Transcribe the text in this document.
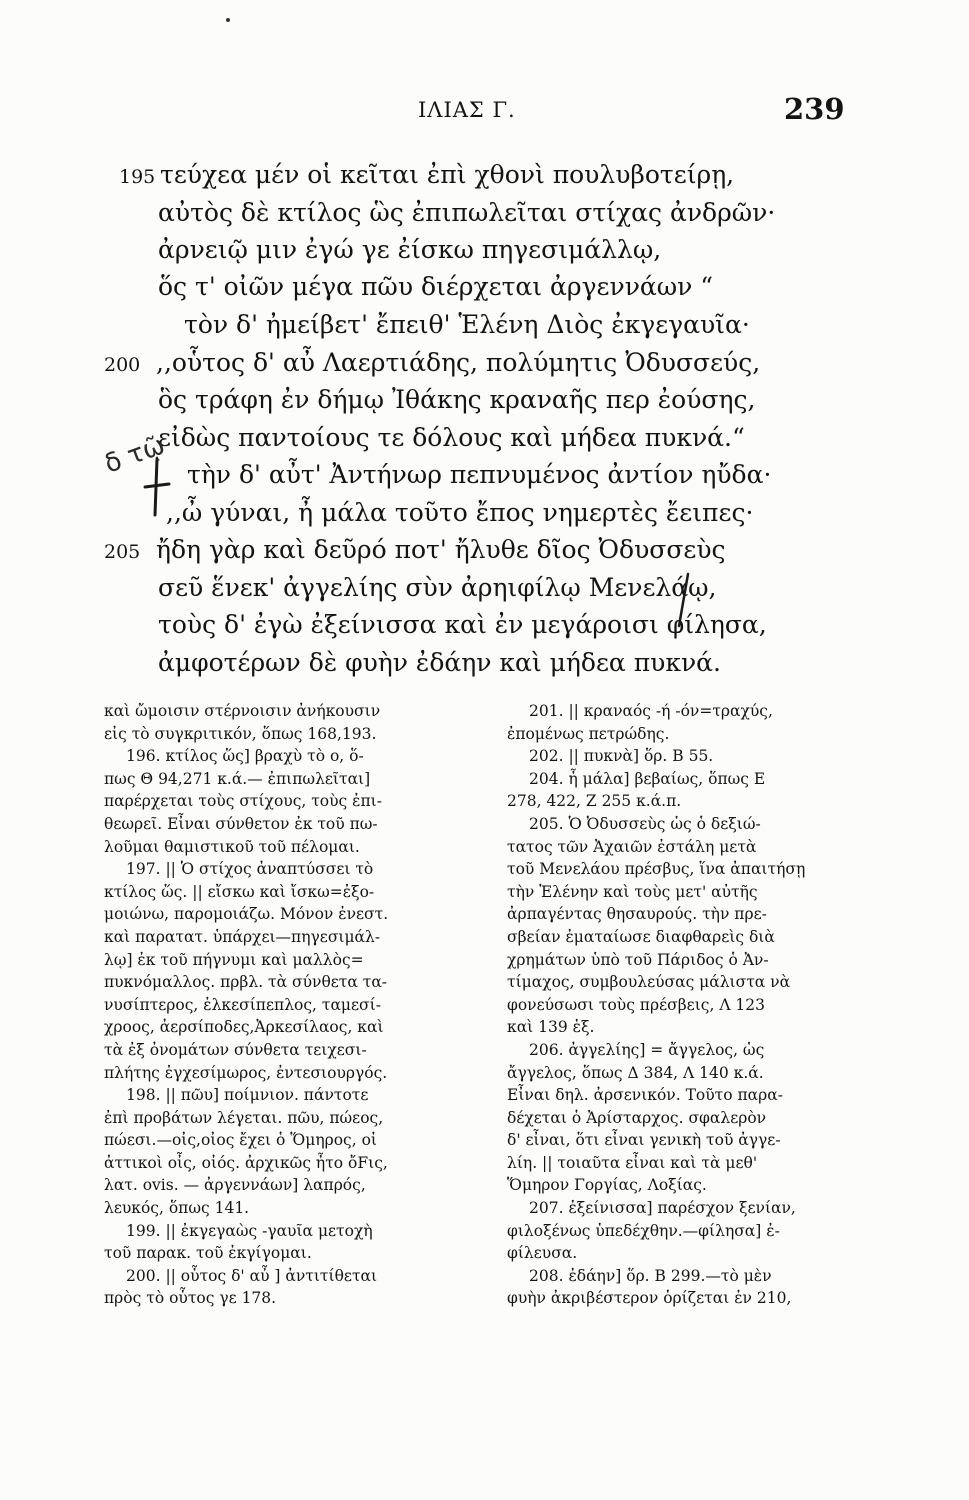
ΙΛΙΑΣ Γ.	239
195 τεύχεα μέν οἱ κεῖται ἐπὶ χθονὶ πουλυβοτείρῃ,
αὐτὸς δὲ κτίλος ὣς ἐπιπωλεῖται στίχας ἀνδρῶν·
ἀρνειῷ μιν ἐγώ γε ἐίσκω πηγεσιμάλλῳ,
ὅς τ' οἰῶν μέγα πῶυ διέρχεται ἀργεννάων “
τὸν δ' ἠμείβετ' ἔπειθ' Ἑλένη Διὸς ἐκγεγαυῖα·
200 ,,οὗτος δ' αὖ Λαερτιάδης, πολύμητις Ὀδυσσεύς,
ὃς τράφη ἐν δήμῳ Ἰθάκης κραναῆς περ ἐούσης,
εἰδὼς παντοίους τε δόλους καὶ μήδεα πυκνά.“
τὴν δ' αὖτ' Ἀντήνωρ πεπνυμένος ἀντίον ηὔδα·
,,ὦ γύναι, ἦ μάλα τοῦτο ἔπος νημερτὲς ἔειπες·
205 ἤδη γὰρ καὶ δεῦρό ποτ' ἤλυθε δῖος Ὀδυσσεὺς
σεῦ ἕνεκ' ἀγγελίης σὺν ἀρηιφίλῳ Μενελάῳ,
τοὺς δ' ἐγὼ ἐξείνισσα καὶ ἐν μεγάροισι φίλησα,
ἀμφοτέρων δὲ φυὴν ἐδάην καὶ μήδεα πυκνά.
δ τῷ
καὶ ὤμοισιν στέρνοισιν ἀνήκουσιν
εἰς τὸ συγκριτικόν, ὅπως 168,193.
196. κτίλος ὥς] βραχὺ τὸ ο, ὅ-
πως Θ 94,271 κ.ά.— ἐπιπωλεῖται]
παρέρχεται τοὺς στίχους, τοὺς ἐπι-
θεωρεῖ. Εἶναι σύνθετον ἐκ τοῦ πω-
λοῦμαι θαμιστικοῦ τοῦ πέλομαι.
197. || Ὁ στίχος ἀναπτύσσει τὸ
κτίλος ὥς. || εἴσκω καὶ ἴσκω=ἐξο-
μοιώνω, παρομοιάζω. Μόνον ἐνεστ.
καὶ παρατατ. ὑπάρχει—πηγεσιμάλ-
λῳ] ἐκ τοῦ πήγνυμι καὶ μαλλὸς=
πυκνόμαλλος. πρβλ. τὰ σύνθετα τα-
νυσίπτερος, ἑλκεσίπεπλος, ταμεσί-
χροος, ἀερσίποδες,Ἀρκεσίλαος, καὶ
τὰ ἐξ ὀνομάτων σύνθετα τειχεσι-
πλήτης ἐγχεσίμωρος, ἐντεσιουργός.
198. || πῶυ] ποίμνιον. πάντοτε
ἐπὶ προβάτων λέγεται. πῶυ, πώεος,
πώεσι.—οἰς,οἰος ἔχει ὁ Ὅμηρος, οἱ
ἀττικοὶ οἶς, οἰός. ἀρχικῶς ἦτο ὄFις,
λατ. ovis. — ἀργεννάων] λαπρός,
λευκός, ὅπως 141.
199. || ἐκγεγαὼς -γαυῖα μετοχὴ
τοῦ παρακ. τοῦ ἐκγίγομαι.
200. || οὗτος δ' αὖ ] ἀντιτίθεται
πρὸς τὸ οὗτος γε 178.
201. || κραναός -ή -όν=τραχύς,
ἐπομένως πετρώδης.
202. || πυκνὰ] ὅρ. Β 55.
204. ἦ μάλα] βεβαίως, ὅπως Ε
278, 422, Ζ 255 κ.ά.π.
205. Ὁ Ὀδυσσεὺς ὡς ὁ δεξιώ-
τατος τῶν Ἀχαιῶν ἐστάλη μετὰ
τοῦ Μενελάου πρέσβυς, ἵνα ἀπαιτήσῃ
τὴν Ἑλένην καὶ τοὺς μετ' αὐτῆς
ἀρπαγέντας θησαυρούς. τὴν πρε-
σβείαν ἐματαίωσε διαφθαρεὶς διὰ
χρημάτων ὑπὸ τοῦ Πάριδος ὁ Ἀν-
τίμαχος, συμβουλεύσας μάλιστα νὰ
φονεύσωσι τοὺς πρέσβεις, Λ 123
καὶ 139 ἑξ.
206. ἀγγελίης] = ἄγγελος, ὡς
ἄγγελος, ὅπως Δ 384, Λ 140 κ.ά.
Εἶναι δηλ. ἀρσενικόν. Τοῦτο παρα-
δέχεται ὁ Ἀρίσταρχος. σφαλερὸν
δ' εἶναι, ὅτι εἶναι γενικὴ τοῦ ἀγγε-
λίη. || τοιαῦτα εἶναι καὶ τὰ μεθ'
Ὅμηρον Γοργίας, Λοξίας.
207. ἐξείνισσα] παρέσχον ξενίαν,
φιλοξένως ὑπεδέχθην.—φίλησα] ἐ-
φίλευσα.
208. ἐδάην] ὅρ. Β 299.—τὸ μὲν
φυὴν ἀκριβέστερον ὁρίζεται ἐν 210,
